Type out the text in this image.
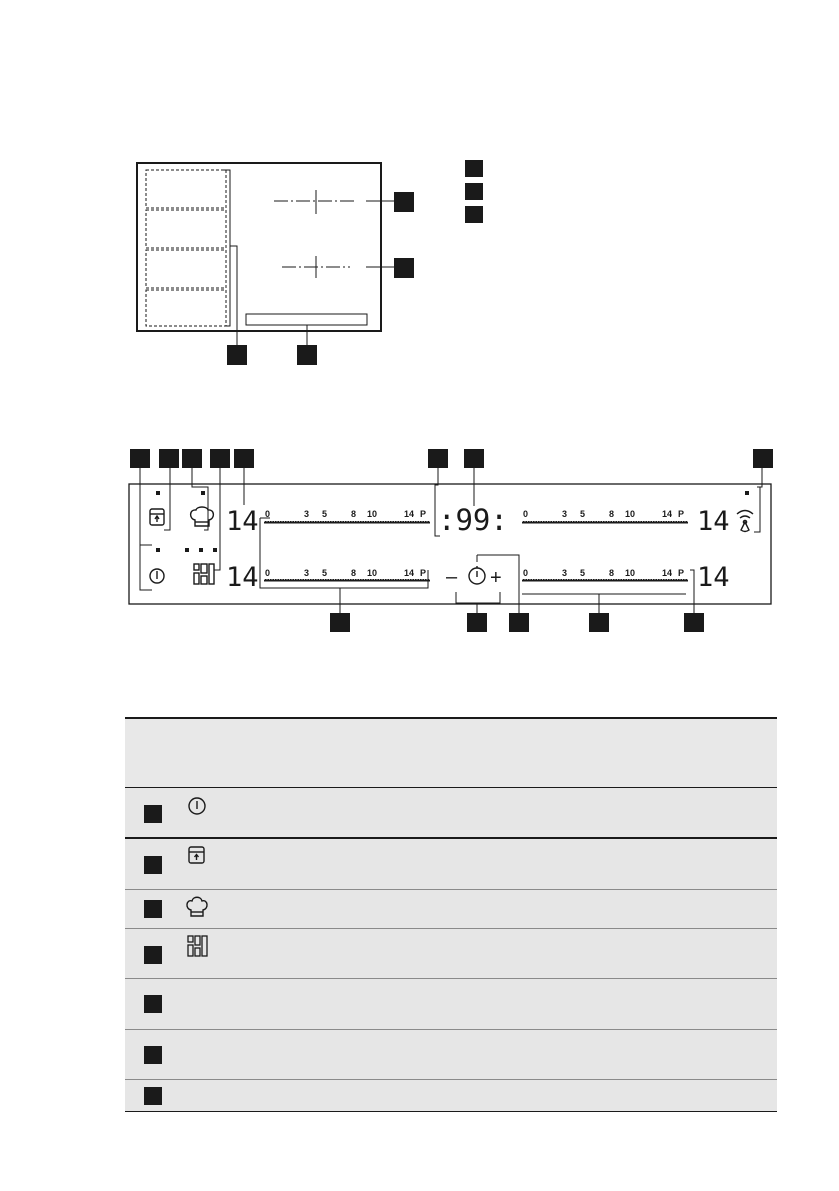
0	3 5	8 10	14 P
0	3 5	8 10	14 P
0	3 5	8 10	14 P
0	3 5	8 10	14 P
14
14
14
14
:99:
– +
